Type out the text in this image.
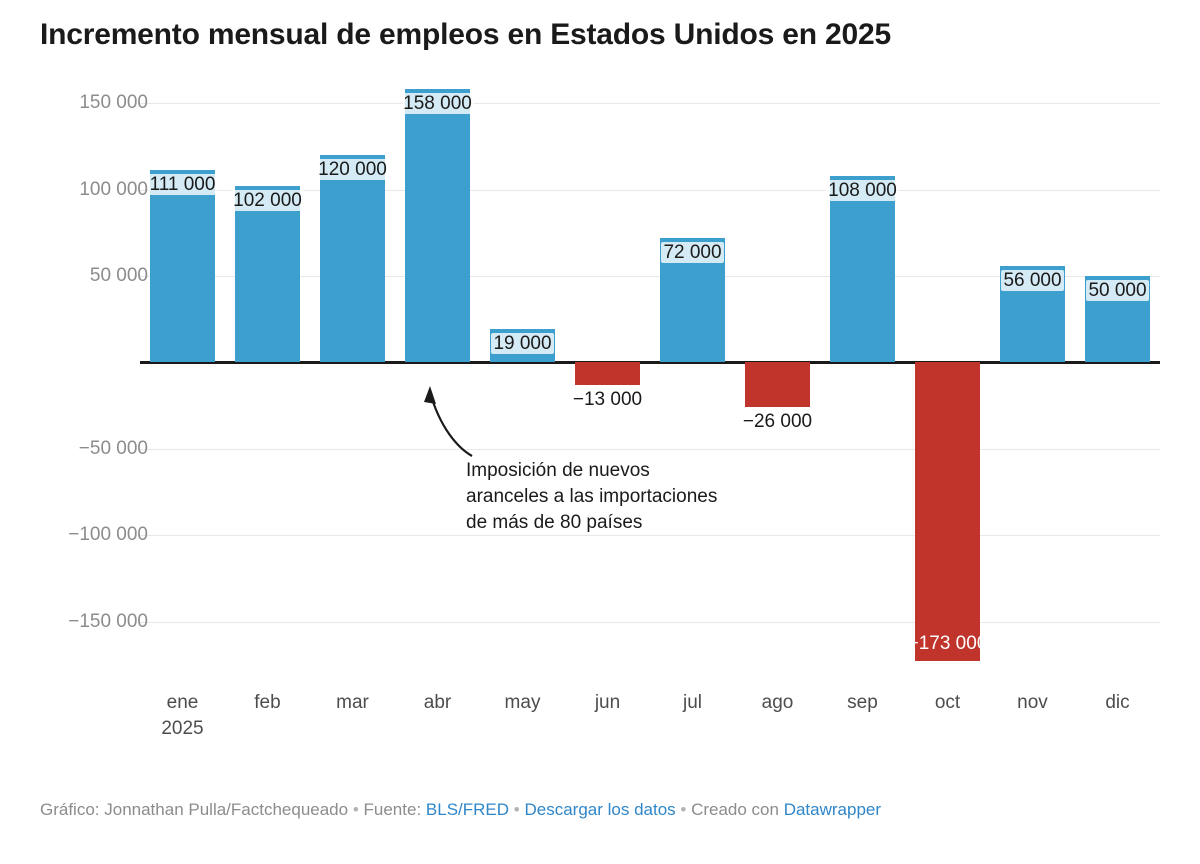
Incremento mensual de empleos en Estados Unidos en 2025
150 000
100 000
50 000
−50 000
−100 000
−150 000
111 000
102 000
120 000
158 000
19 000
−13 000
72 000
−26 000
108 000
−173 000
56 000	50 000
ene
2025
feb	mar	abr	may	jun	jul	ago	sep	oct	nov	dic
Imposición de nuevos aranceles a las importaciones de más de 80 países
Gráfico: Jonnathan Pulla/Factchequeado • Fuente: BLS/FRED • Descargar los datos • Creado con Datawrapper
